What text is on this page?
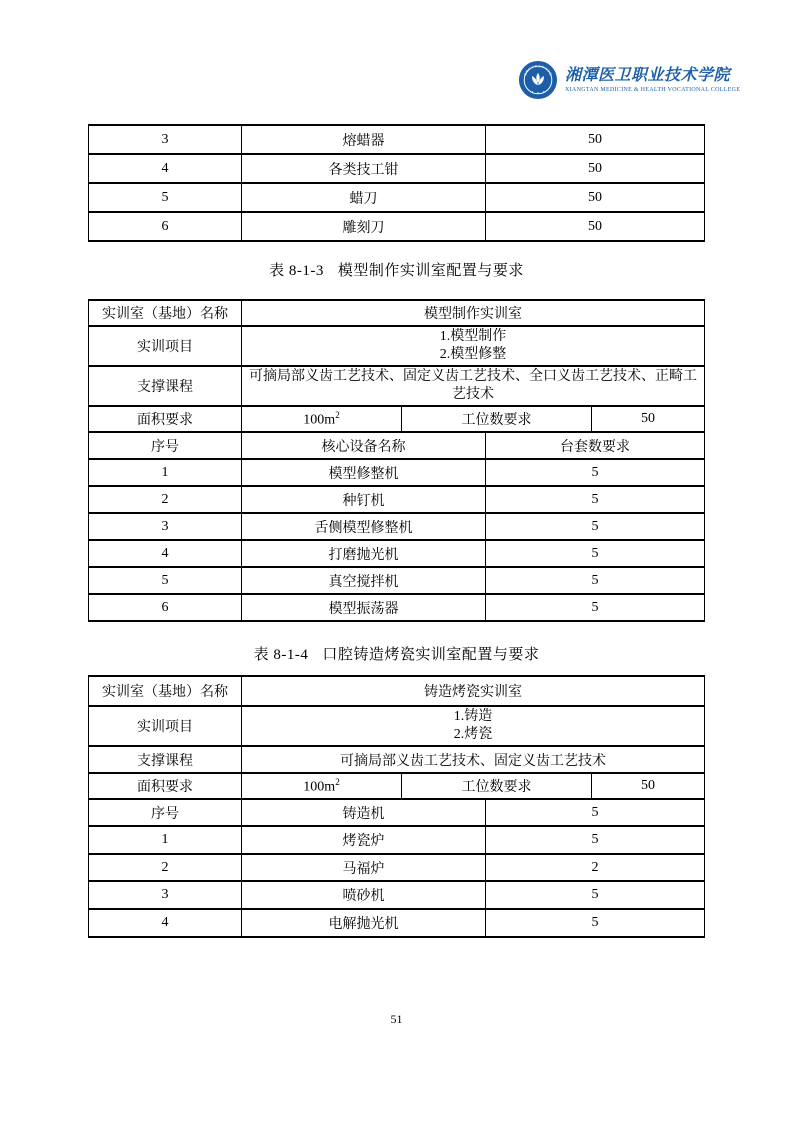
湘潭医卫职业技术学院 湘潭医卫职业技术学院
XIANGTAN MEDICINE & HEALTH VOCATIONAL COLLEGE
3	熔蜡器	50
4	各类技工钳	50
5	蜡刀	50
6	雕刻刀	50
表 8-1-3 模型制作实训室配置与要求
实训室（基地）名称	模型制作实训室			
实训项目	1.模型制作
2.模型修整			

支撑课程	可摘局部义齿工艺技术、固定义齿工艺技术、全口义齿工艺技术、正畸工艺技术			
面积要求	$100m^2$	工位数要求		50
序号	核心设备名称		台套数要求	
1	模型修整机		5	
2	种钉机		5	
3	舌侧模型修整机		5	
4	打磨抛光机		5	
5	真空搅拌机		5	
6	模型振荡器		5	
表 8-1-4 口腔铸造烤瓷实训室配置与要求
实训室（基地）名称	铸造烤瓷实训室			
实训项目	1.铸造
2.烤瓷			

支撑课程	可摘局部义齿工艺技术、固定义齿工艺技术			
面积要求	$100m^2$	工位数要求		50
序号	铸造机		5	
1	烤瓷炉		5	
2	马福炉		2	
3	喷砂机		5	
4	电解抛光机		5	
51
